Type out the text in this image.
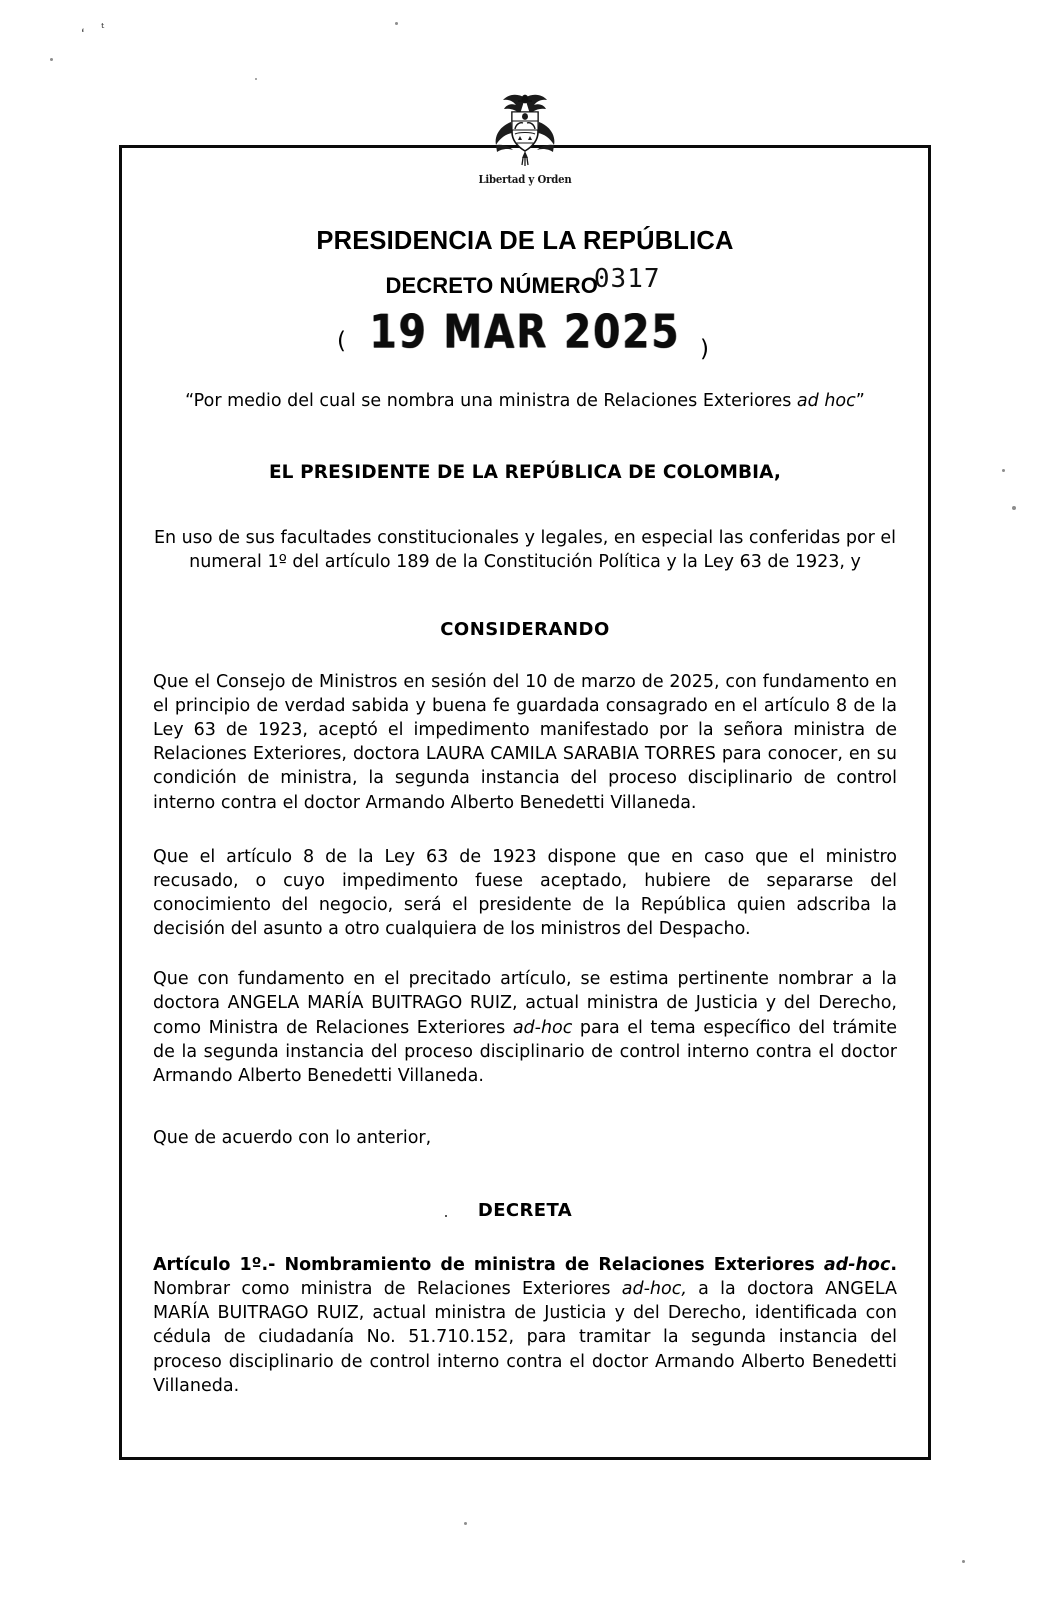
ʻ ᵗ
Libertad y Orden
PRESIDENCIA DE LA REPÚBLICA
DECRETO NÚMERO0317
( 19 MAR 2025 )
“Por medio del cual se nombra una ministra de Relaciones Exteriores ad hoc”
EL PRESIDENTE DE LA REPÚBLICA DE COLOMBIA,
En uso de sus facultades constitucionales y legales, en especial las conferidas por el numeral 1º del artículo 189 de la Constitución Política y la Ley 63 de 1923, y
CONSIDERANDO
Que el Consejo de Ministros en sesión del 10 de marzo de 2025, con fundamento en el principio de verdad sabida y buena fe guardada consagrado en el artículo 8 de la Ley 63 de 1923, aceptó el impedimento manifestado por la señora ministra de Relaciones Exteriores, doctora LAURA CAMILA SARABIA TORRES para conocer, en su condición de ministra, la segunda instancia del proceso disciplinario de control interno contra el doctor Armando Alberto Benedetti Villaneda.
Que el artículo 8 de la Ley 63 de 1923 dispone que en caso que el ministro recusado, o cuyo impedimento fuese aceptado, hubiere de separarse del conocimiento del negocio, será el presidente de la República quien adscriba la decisión del asunto a otro cualquiera de los ministros del Despacho.
Que con fundamento en el precitado artículo, se estima pertinente nombrar a la doctora ANGELA MARÍA BUITRAGO RUIZ, actual ministra de Justicia y del Derecho, como Ministra de Relaciones Exteriores ad-hoc para el tema específico del trámite de la segunda instancia del proceso disciplinario de control interno contra el doctor Armando Alberto Benedetti Villaneda.
Que de acuerdo con lo anterior,
DECRETA
Artículo 1º.- Nombramiento de ministra de Relaciones Exteriores ad-hoc. Nombrar como ministra de Relaciones Exteriores ad-hoc, a la doctora ANGELA MARÍA BUITRAGO RUIZ, actual ministra de Justicia y del Derecho, identificada con cédula de ciudadanía No. 51.710.152, para tramitar la segunda instancia del proceso disciplinario de control interno contra el doctor Armando Alberto Benedetti Villaneda.
